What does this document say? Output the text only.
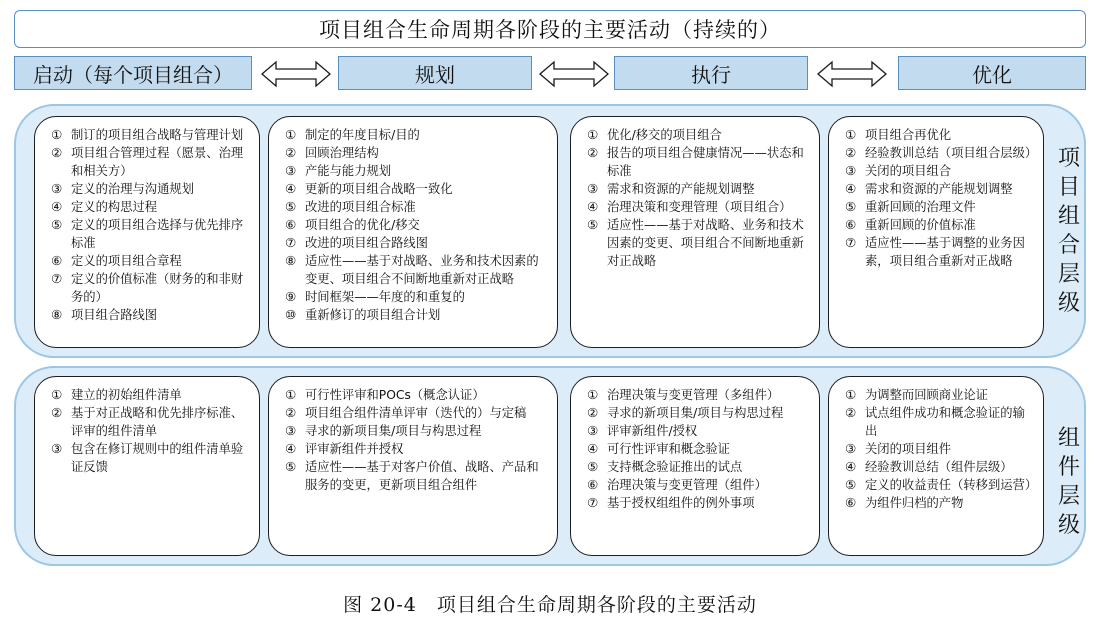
项目组合生命周期各阶段的主要活动（持续的）
启动（每个项目组合）	规划	执行	优化
项目组合层级
① 制订的项目组合战略与管理计划
② 项目组合管理过程（愿景、治理和相关方）
③ 定义的治理与沟通规划
④ 定义的构思过程
⑤ 定义的项目组合选择与优先排序标准
⑥ 定义的项目组合章程
⑦ 定义的价值标准（财务的和非财务的）
⑧ 项目组合路线图
① 制定的年度目标/目的
② 回顾治理结构
③ 产能与能力规划
④ 更新的项目组合战略一致化
⑤ 改进的项目组合标准
⑥ 项目组合的优化/移交
⑦ 改进的项目组合路线图
⑧ 适应性——基于对战略、业务和技术因素的变更、项目组合不间断地重新对正战略
⑨ 时间框架——年度的和重复的
⑩ 重新修订的项目组合计划
① 优化/移交的项目组合
② 报告的项目组合健康情况——状态和标准
③ 需求和资源的产能规划调整
④ 治理决策和变理管理（项目组合）
⑤ 适应性——基于对战略、业务和技术因素的变更、项目组合不间断地重新对正战略
① 项目组合再优化
② 经验教训总结（项目组合层级）
③ 关闭的项目组合
④ 需求和资源的产能规划调整
⑤ 重新回顾的治理文件
⑥ 重新回顾的价值标准
⑦ 适应性——基于调整的业务因素，项目组合重新对正战略
组件层级
① 建立的初始组件清单
② 基于对正战略和优先排序标准、评审的组件清单
③ 包含在修订规则中的组件清单验证反馈
① 可行性评审和POCs（概念认证）
② 项目组合组件清单评审（迭代的）与定稿
③ 寻求的新项目集/项目与构思过程
④ 评审新组件并授权
⑤ 适应性——基于对客户价值、战略、产品和服务的变更，更新项目组合组件
① 治理决策与变更管理（多组件）
② 寻求的新项目集/项目与构思过程
③ 评审新组件/授权
④ 可行性评审和概念验证
⑤ 支持概念验证推出的试点
⑥ 治理决策与变更管理（组件）
⑦ 基于授权组组件的例外事项
① 为调整而回顾商业论证
② 试点组件成功和概念验证的输出
③ 关闭的项目组件
④ 经验教训总结（组件层级）
⑤ 定义的收益责任（转移到运营）
⑥ 为组件归档的产物
图 20-4　项目组合生命周期各阶段的主要活动
